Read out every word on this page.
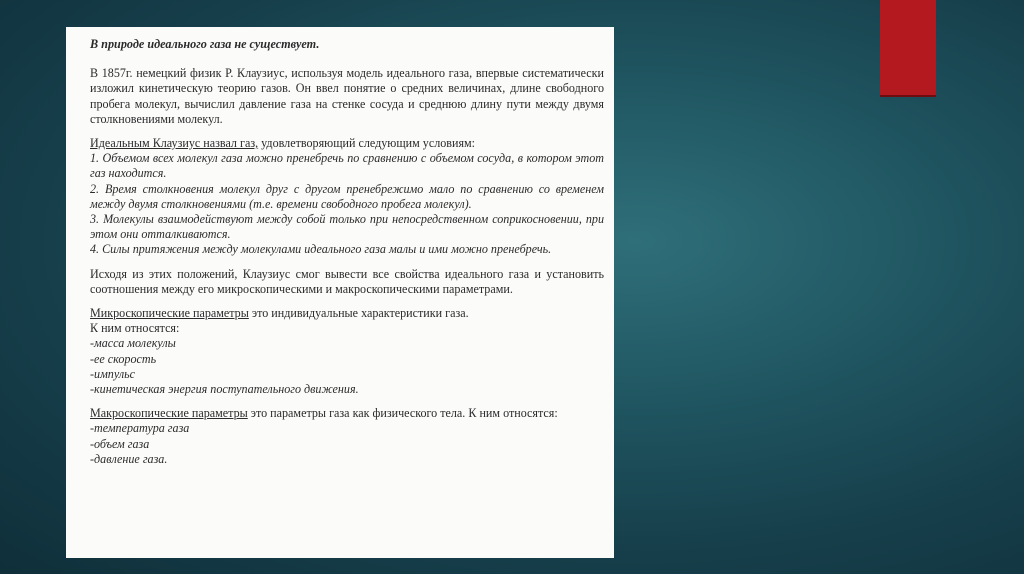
В природе идеального газа не существует.

В 1857г. немецкий физик Р. Клаузиус, используя модель идеального газа, впервые систематически изложил кинетическую теорию газов. Он ввел понятие о средних величинах, длине свободного пробега молекул, вычислил давление газа на стенке сосуда и среднюю длину пути между двумя столкновениями молекул.

Идеальным Клаузиус назвал газ, удовлетворяющий следующим условиям:

1. Объемом всех молекул газа можно пренебречь по сравнению с объемом сосуда, в котором этот газ находится.

2. Время столкновения молекул друг с другом пренебрежимо мало по сравнению со временем между двумя столкновениями (т.е. времени свободного пробега молекул).

3. Молекулы взаимодействуют между собой только при непосредственном соприкосновении, при этом они отталкиваются.

4. Силы притяжения между молекулами идеального газа малы и ими можно пренебречь.

Исходя из этих положений, Клаузиус смог вывести все свойства идеального газа и установить соотношения между его микроскопическими и макроскопическими параметрами.

Микроскопические параметры это индивидуальные характеристики газа.

К ним относятся:

-масса молекулы

-ее скорость

-импульс

-кинетическая энергия поступательного движения.

Макроскопические параметры это параметры газа как физического тела. К ним относятся:

-температура газа

-объем газа

-давление газа.
